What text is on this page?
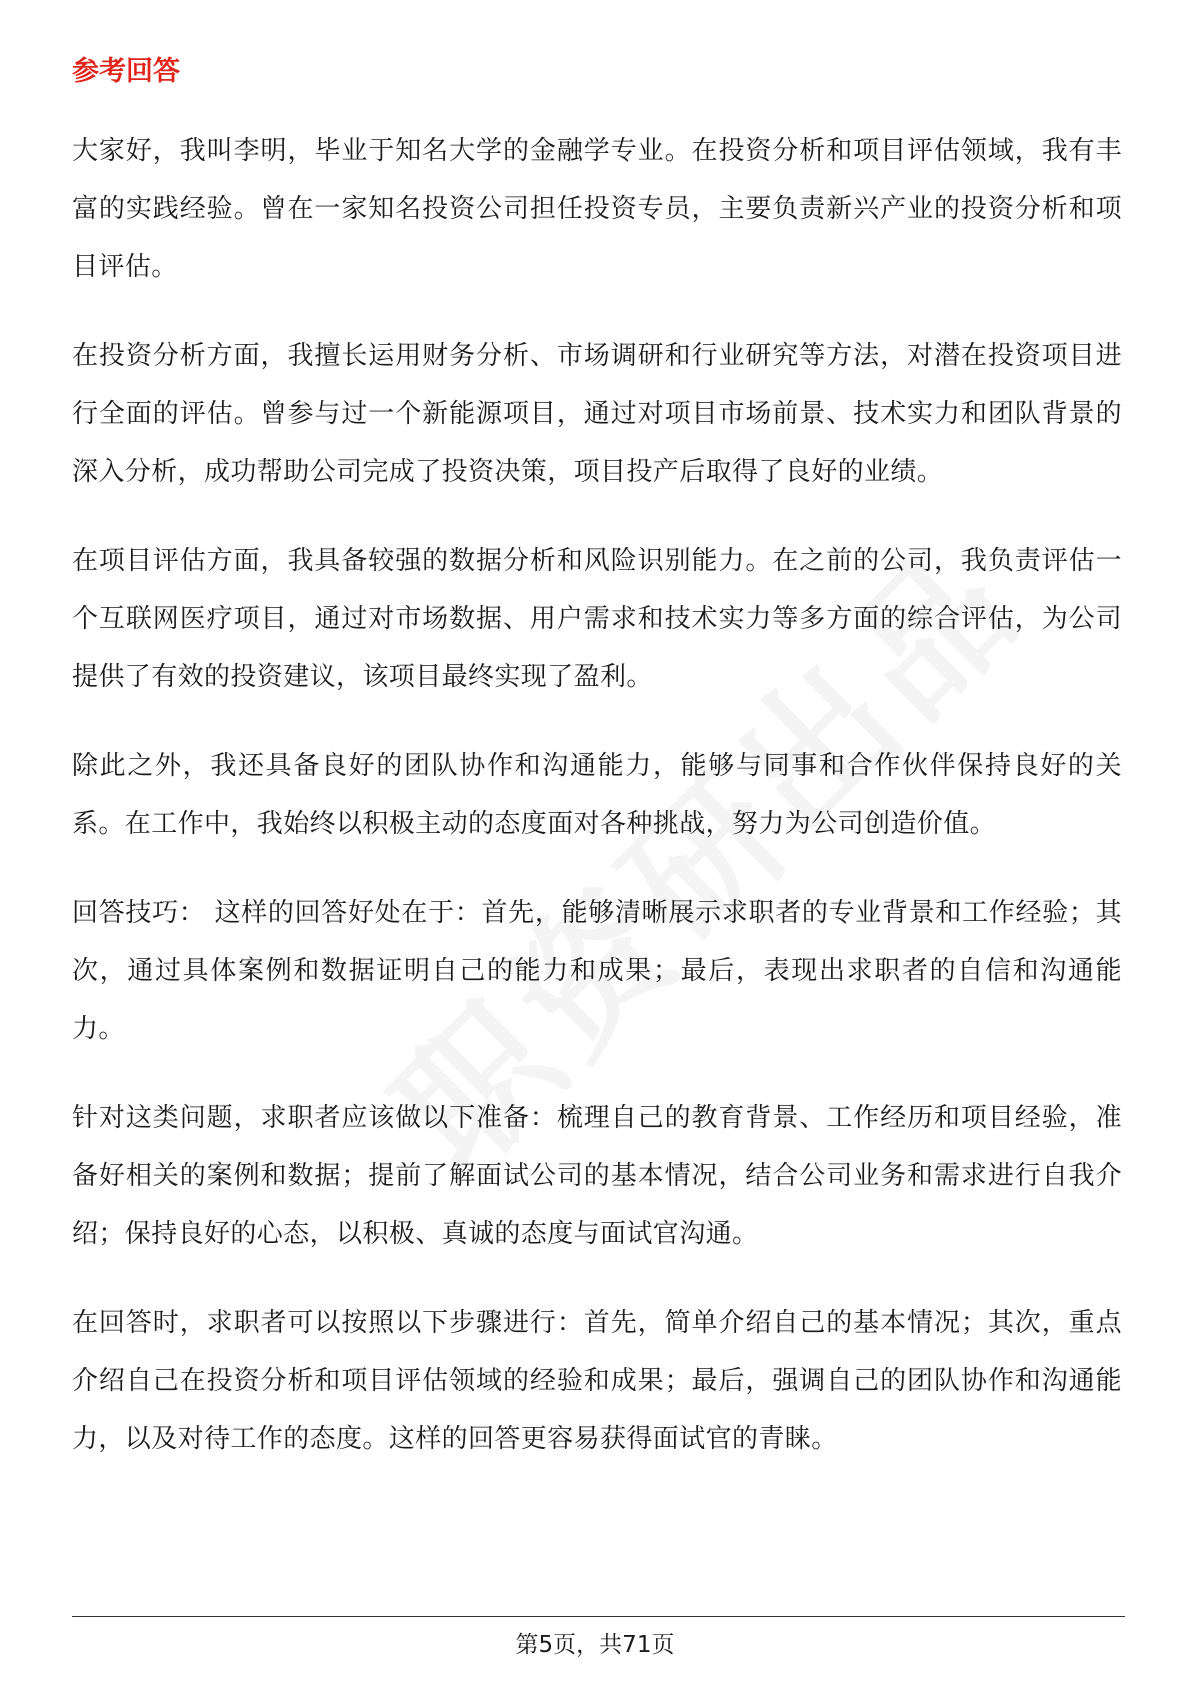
参考回答

大家好，我叫李明，毕业于知名大学的金融学专业。在投资分析和项目评估领域，我有丰富的实践经验。曾在一家知名投资公司担任投资专员，主要负责新兴产业的投资分析和项目评估。

在投资分析方面，我擅长运用财务分析、市场调研和行业研究等方法，对潜在投资项目进行全面的评估。曾参与过一个新能源项目，通过对项目市场前景、技术实力和团队背景的深入分析，成功帮助公司完成了投资决策，项目投产后取得了良好的业绩。

在项目评估方面，我具备较强的数据分析和风险识别能力。在之前的公司，我负责评估一个互联网医疗项目，通过对市场数据、用户需求和技术实力等多方面的综合评估，为公司提供了有效的投资建议，该项目最终实现了盈利。

除此之外，我还具备良好的团队协作和沟通能力，能够与同事和合作伙伴保持良好的关系。在工作中，我始终以积极主动的态度面对各种挑战，努力为公司创造价值。

回答技巧： 这样的回答好处在于：首先，能够清晰展示求职者的专业背景和工作经验；其次，通过具体案例和数据证明自己的能力和成果；最后，表现出求职者的自信和沟通能力。

针对这类问题，求职者应该做以下准备：梳理自己的教育背景、工作经历和项目经验，准备好相关的案例和数据；提前了解面试公司的基本情况，结合公司业务和需求进行自我介绍；保持良好的心态，以积极、真诚的态度与面试官沟通。

在回答时，求职者可以按照以下步骤进行：首先，简单介绍自己的基本情况；其次，重点介绍自己在投资分析和项目评估领域的经验和成果；最后，强调自己的团队协作和沟通能力，以及对待工作的态度。这样的回答更容易获得面试官的青睐。

第5页，共71页
